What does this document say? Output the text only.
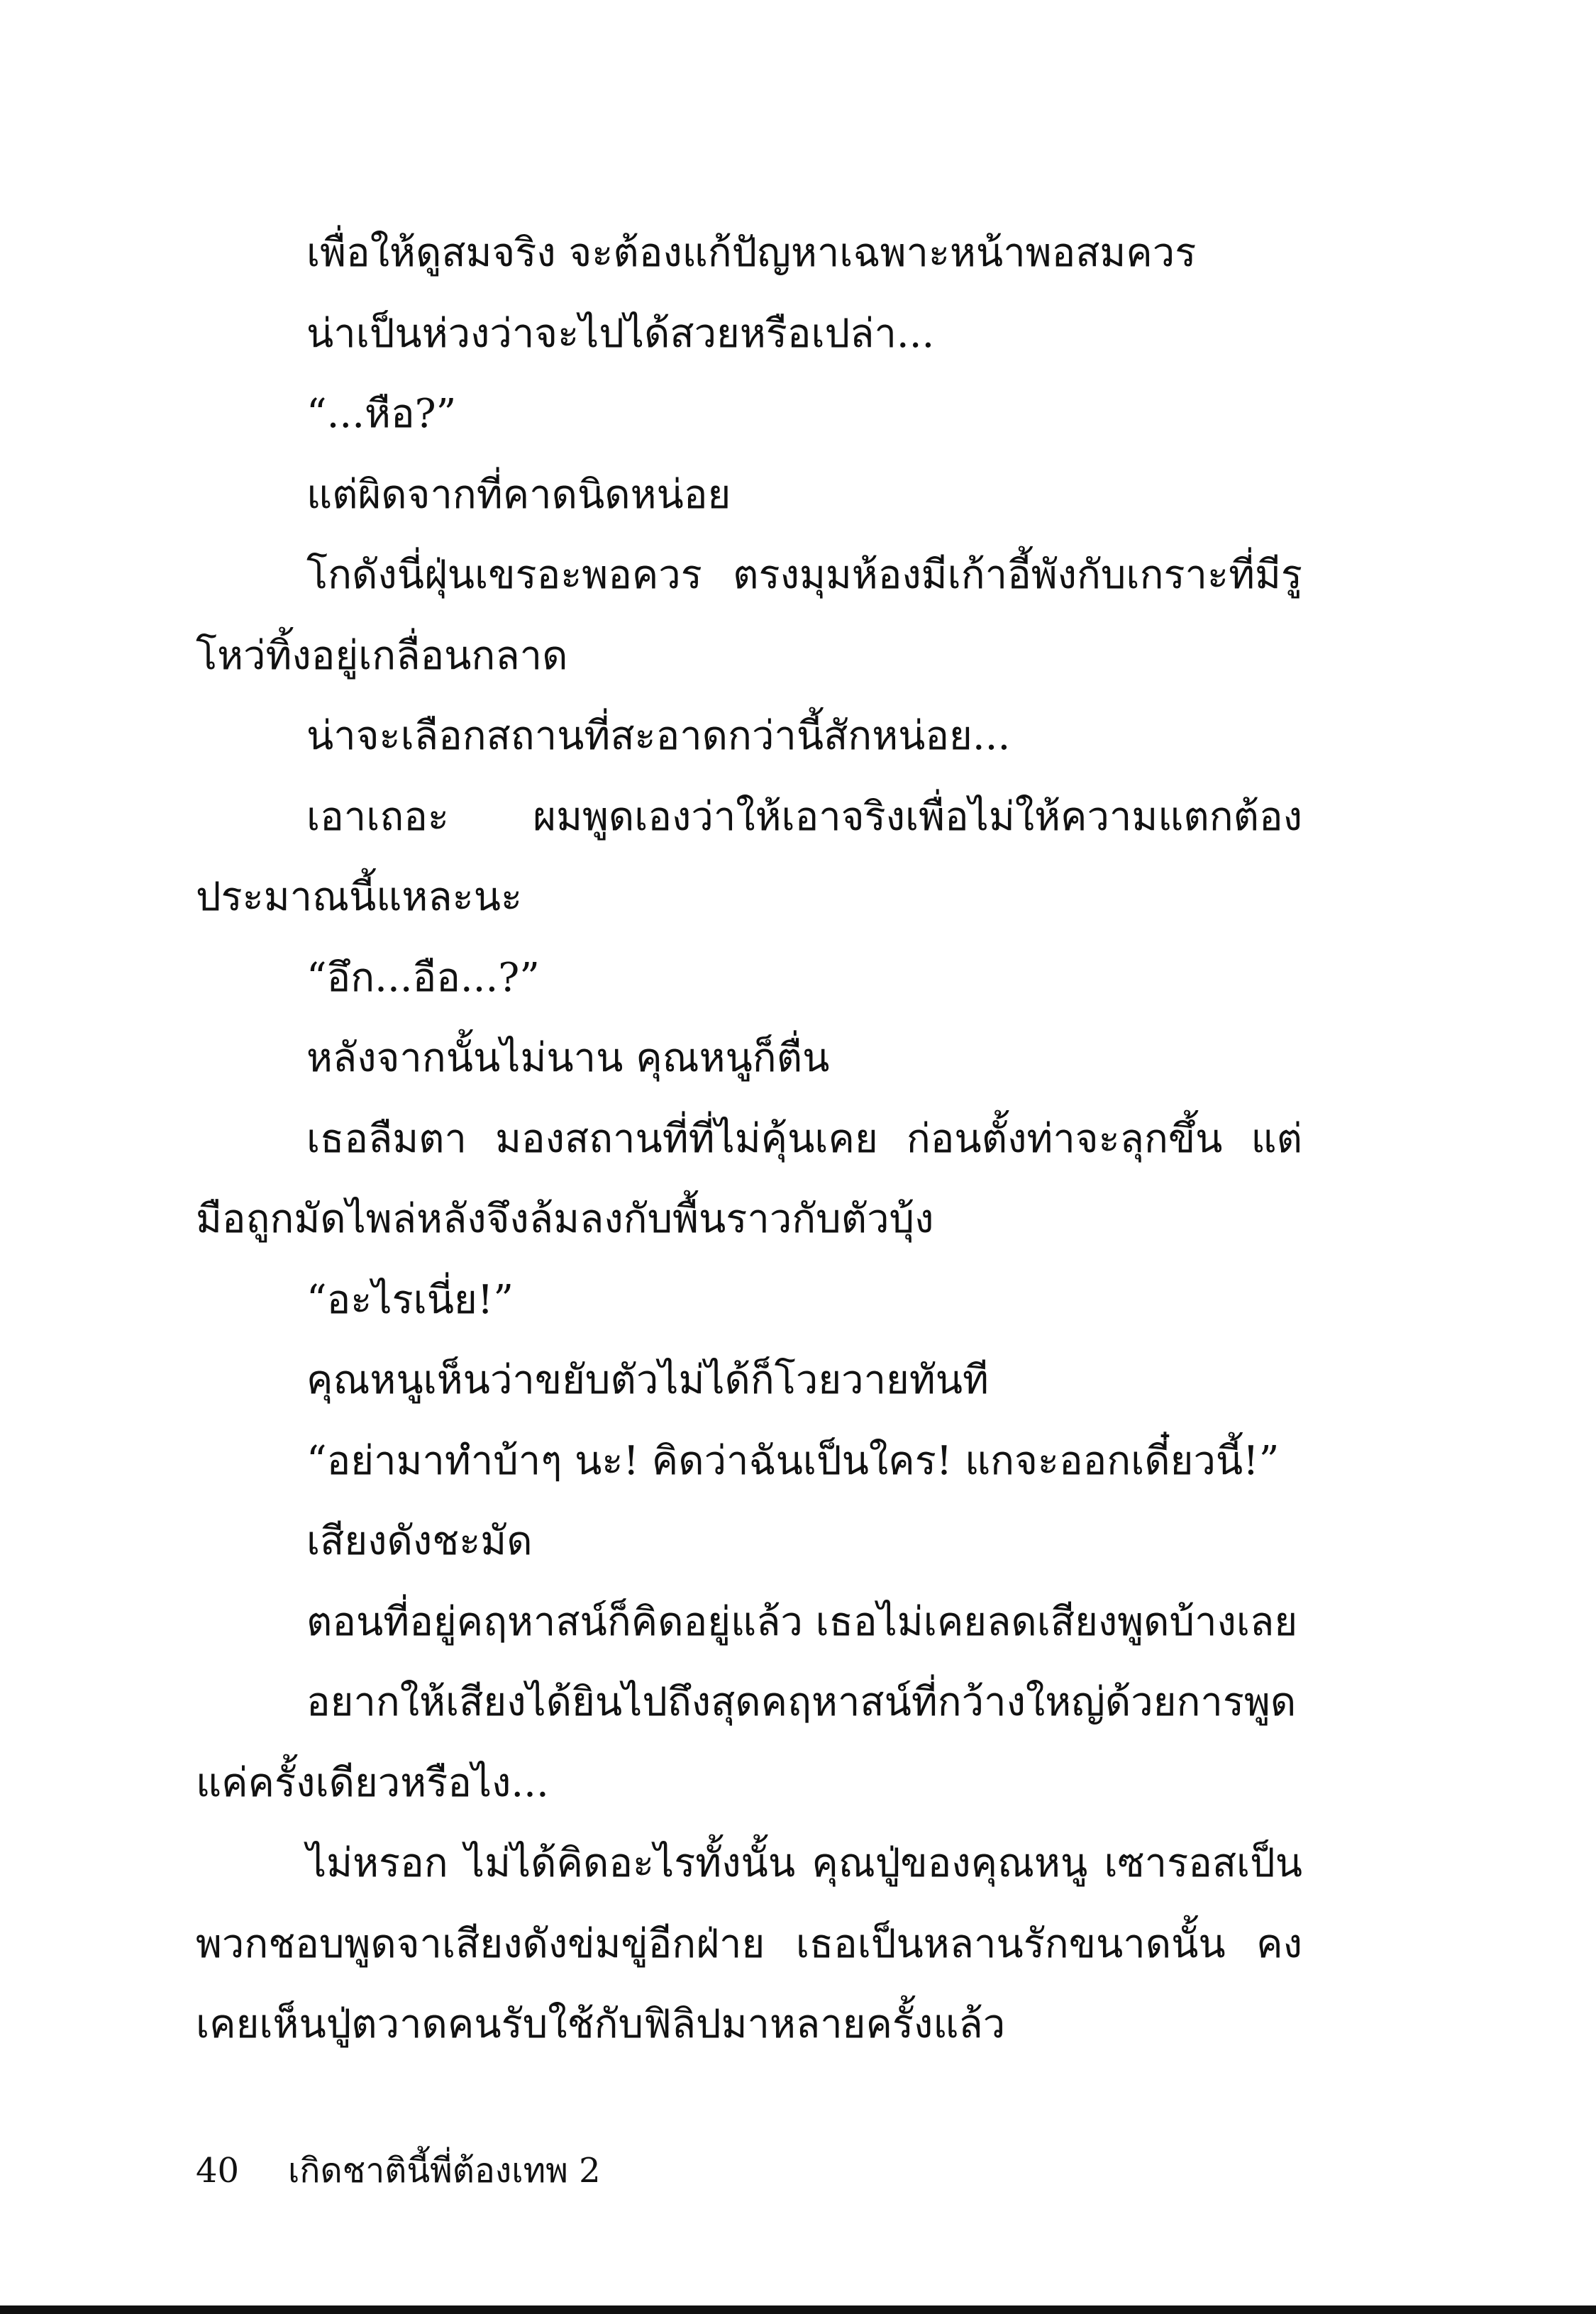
เพื่อให้ดูสมจริง จะต้องแก้ปัญหาเฉพาะหน้าพอสมควร

น่าเป็นห่วงว่าจะไปได้สวยหรือเปล่า...

“...หือ?”

แต่ผิดจากที่คาดนิดหน่อย

โกดังนี่ฝุ่นเขรอะพอควร ตรงมุมห้องมีเก้าอี้พังกับเกราะที่มีรูโหว่ทิ้งอยู่เกลื่อนกลาด

น่าจะเลือกสถานที่สะอาดกว่านี้สักหน่อย...

เอาเถอะ ผมพูดเองว่าให้เอาจริงเพื่อไม่ให้ความแตกต้องประมาณนี้แหละนะ

“อึก...อือ...?”

หลังจากนั้นไม่นาน คุณหนูก็ตื่น

เธอลืมตา มองสถานที่ที่ไม่คุ้นเคย ก่อนตั้งท่าจะลุกขึ้น แต่มือถูกมัดไพล่หลังจึงล้มลงกับพื้นราวกับตัวบุ้ง

“อะไรเนี่ย!”

คุณหนูเห็นว่าขยับตัวไม่ได้ก็โวยวายทันที

“อย่ามาทำบ้าๆ นะ! คิดว่าฉันเป็นใคร! แกจะออกเดี๋ยวนี้!”

เสียงดังชะมัด

ตอนที่อยู่คฤหาสน์ก็คิดอยู่แล้ว เธอไม่เคยลดเสียงพูดบ้างเลย

อยากให้เสียงได้ยินไปถึงสุดคฤหาสน์ที่กว้างใหญ่ด้วยการพูดแค่ครั้งเดียวหรือไง...

ไม่หรอก ไม่ได้คิดอะไรทั้งนั้น คุณปู่ของคุณหนู เซารอสเป็นพวกชอบพูดจาเสียงดังข่มขู่อีกฝ่าย เธอเป็นหลานรักขนาดนั้น คงเคยเห็นปู่ตวาดคนรับใช้กับฟิลิปมาหลายครั้งแล้ว

40 เกิดชาตินี้พี่ต้องเทพ 2
